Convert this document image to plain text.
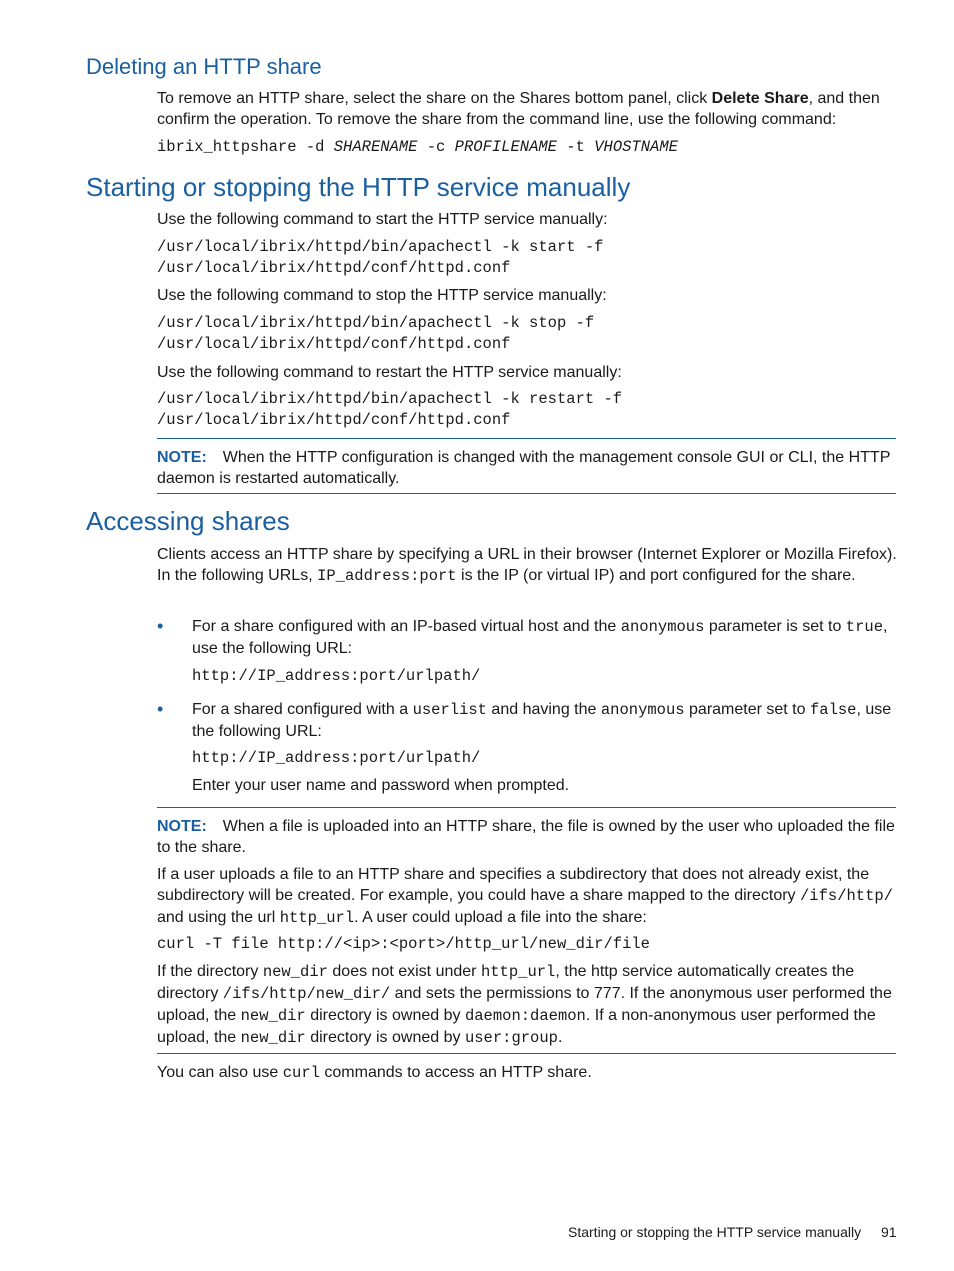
Deleting an HTTP share

To remove an HTTP share, select the share on the Shares bottom panel, click Delete Share, and then confirm the operation. To remove the share from the command line, use the following command:

ibrix_httpshare -d SHARENAME -c PROFILENAME -t VHOSTNAME

Starting or stopping the HTTP service manually

Use the following command to start the HTTP service manually:

/usr/local/ibrix/httpd/bin/apachectl -k start -f

/usr/local/ibrix/httpd/conf/httpd.conf

Use the following command to stop the HTTP service manually:

/usr/local/ibrix/httpd/bin/apachectl -k stop -f

/usr/local/ibrix/httpd/conf/httpd.conf

Use the following command to restart the HTTP service manually:

/usr/local/ibrix/httpd/bin/apachectl -k restart -f

/usr/local/ibrix/httpd/conf/httpd.conf

NOTE: When the HTTP configuration is changed with the management console GUI or CLI, the HTTP daemon is restarted automatically.

Accessing shares

Clients access an HTTP share by specifying a URL in their browser (Internet Explorer or Mozilla Firefox). In the following URLs, IP_address:port is the IP (or virtual IP) and port configured for the share.

• For a share configured with an IP-based virtual host and the anonymous parameter is set to true, use the following URL:

http://IP_address:port/urlpath/

• For a shared configured with a userlist and having the anonymous parameter set to false, use the following URL:

http://IP_address:port/urlpath/

Enter your user name and password when prompted.

NOTE: When a file is uploaded into an HTTP share, the file is owned by the user who uploaded the file to the share.

If a user uploads a file to an HTTP share and specifies a subdirectory that does not already exist, the subdirectory will be created. For example, you could have a share mapped to the directory /ifs/http/ and using the url http_url. A user could upload a file into the share:

curl -T file http://<ip>:<port>/http_url/new_dir/file

If the directory new_dir does not exist under http_url, the http service automatically creates the directory /ifs/http/new_dir/ and sets the permissions to 777. If the anonymous user performed the upload, the new_dir directory is owned by daemon:daemon. If a non-anonymous user performed the upload, the new_dir directory is owned by user:group.

You can also use curl commands to access an HTTP share.

Starting or stopping the HTTP service manually 91
